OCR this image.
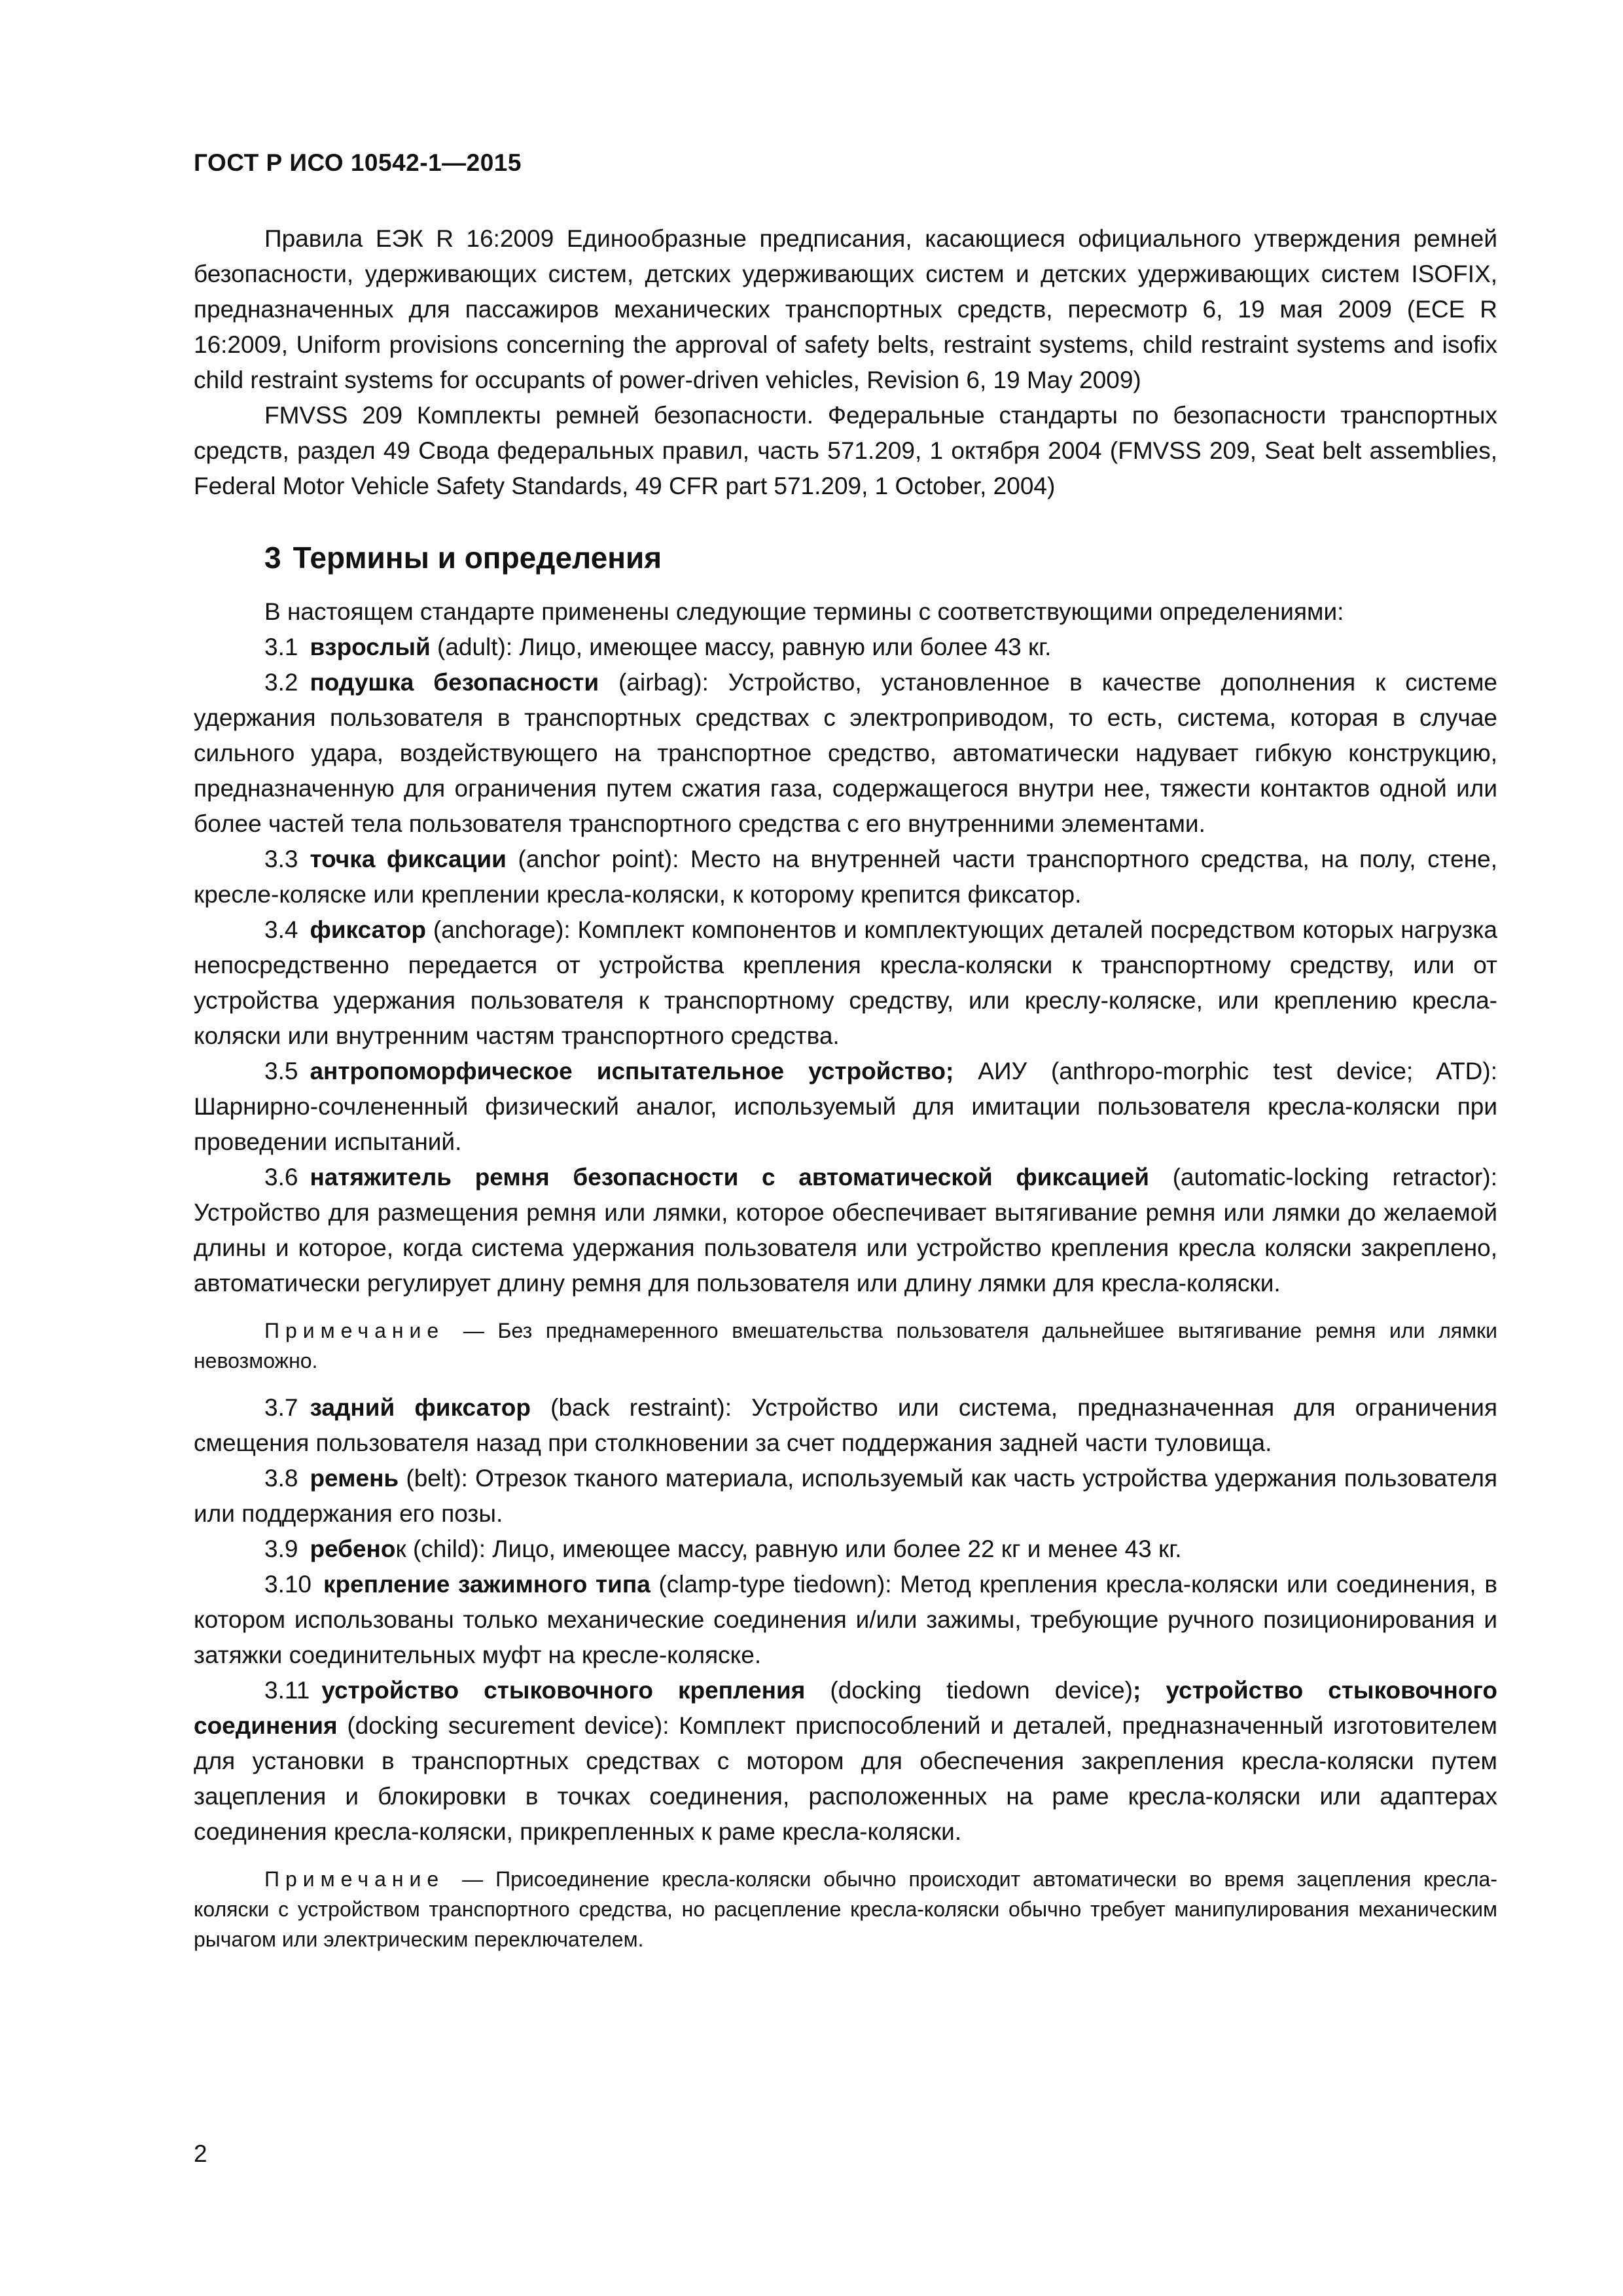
ГОСТ Р ИСО 10542-1—2015

Правила ЕЭК R 16:2009 Единообразные предписания, касающиеся официального утверждения ремней безопасности, удерживающих систем, детских удерживающих систем и детских удерживающих систем ISOFIX, предназначенных для пассажиров механических транспортных средств, пересмотр 6, 19 мая 2009 (ECE R 16:2009, Uniform provisions concerning the approval of safety belts, restraint systems, child restraint systems and isofix child restraint systems for occupants of power-driven vehicles, Revision 6, 19 May 2009)

FMVSS 209 Комплекты ремней безопасности. Федеральные стандарты по безопасности транспортных средств, раздел 49 Свода федеральных правил, часть 571.209, 1 октября 2004 (FMVSS 209, Seat belt assemblies, Federal Motor Vehicle Safety Standards, 49 CFR part 571.209, 1 October, 2004)

3 Термины и определения

В настоящем стандарте применены следующие термины с соответствующими определениями:

3.1 взрослый (adult): Лицо, имеющее массу, равную или более 43 кг.

3.2 подушка безопасности (airbag): Устройство, установленное в качестве дополнения к системе удержания пользователя в транспортных средствах с электроприводом, то есть, система, которая в случае сильного удара, воздействующего на транспортное средство, автоматически надувает гибкую конструкцию, предназначенную для ограничения путем сжатия газа, содержащегося внутри нее, тяжести контактов одной или более частей тела пользователя транспортного средства с его внутренними элементами.

3.3 точка фиксации (anchor point): Место на внутренней части транспортного средства, на полу, стене, кресле-коляске или креплении кресла-коляски, к которому крепится фиксатор.

3.4 фиксатор (anchorage): Комплект компонентов и комплектующих деталей посредством которых нагрузка непосредственно передается от устройства крепления кресла-коляски к транспортному средству, или от устройства удержания пользователя к транспортному средству, или креслу-коляске, или креплению кресла-коляски или внутренним частям транспортного средства.

3.5 антропоморфическое испытательное устройство; АИУ (anthropo-morphic test device; ATD): Шарнирно-сочлененный физический аналог, используемый для имитации пользователя кресла-коляски при проведении испытаний.

3.6 натяжитель ремня безопасности с автоматической фиксацией (automatic-locking retractor): Устройство для размещения ремня или лямки, которое обеспечивает вытягивание ремня или лямки до желаемой длины и которое, когда система удержания пользователя или устройство крепления кресла коляски закреплено, автоматически регулирует длину ремня для пользователя или длину лямки для кресла-коляски.

Примечание — Без преднамеренного вмешательства пользователя дальнейшее вытягивание ремня или лямки невозможно.

3.7 задний фиксатор (back restraint): Устройство или система, предназначенная для ограничения смещения пользователя назад при столкновении за счет поддержания задней части туловища.

3.8 ремень (belt): Отрезок тканого материала, используемый как часть устройства удержания пользователя или поддержания его позы.

3.9 ребенок (child): Лицо, имеющее массу, равную или более 22 кг и менее 43 кг.

3.10 крепление зажимного типа (clamp-type tiedown): Метод крепления кресла-коляски или соединения, в котором использованы только механические соединения и/или зажимы, требующие ручного позиционирования и затяжки соединительных муфт на кресле-коляске.

3.11 устройство стыковочного крепления (docking tiedown device); устройство стыковочного соединения (docking securement device): Комплект приспособлений и деталей, предназначенный изготовителем для установки в транспортных средствах с мотором для обеспечения закрепления кресла-коляски путем зацепления и блокировки в точках соединения, расположенных на раме кресла-коляски или адаптерах соединения кресла-коляски, прикрепленных к раме кресла-коляски.

Примечание — Присоединение кресла-коляски обычно происходит автоматически во время зацепления кресла-коляски с устройством транспортного средства, но расцепление кресла-коляски обычно требует манипулирования механическим рычагом или электрическим переключателем.

2
